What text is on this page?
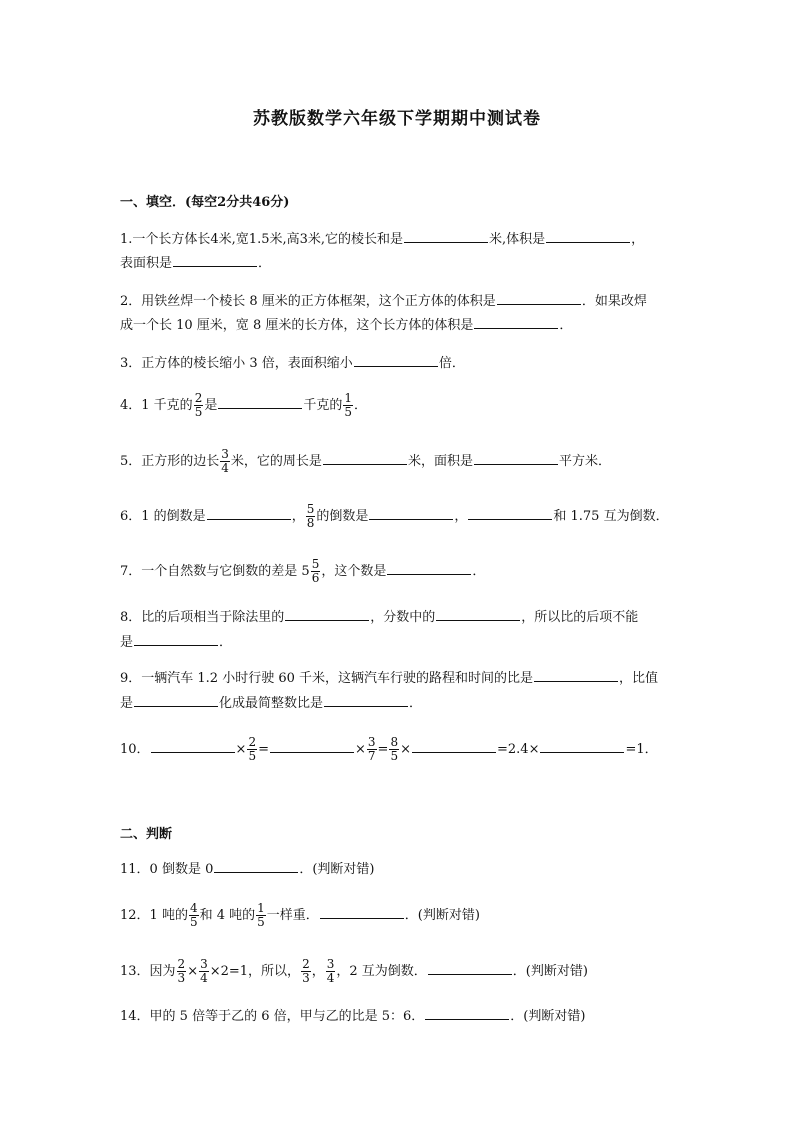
苏教版数学六年级下学期期中测试卷
一、填空．(每空2分共46分)
1.一个长方体长4米,宽1.5米,高3米,它的棱长和是	米,体积是	，
表面积是	．
2．用铁丝焊一个棱长 8 厘米的正方体框架，这个正方体的体积是	．如果改焊
成一个长 10 厘米，宽 8 厘米的长方体，这个长方体的体积是	．
3．正方体的棱长缩小 3 倍，表面积缩小	倍．
4．1 千克的 $\frac{2}{5}$ 是	千克的 $\frac{1}{5}$ ．
5．正方形的边长 $\frac{3}{4}$ 米，它的周长是	米，面积是	平方米．
6．1 的倒数是	， $\frac{5}{8}$ 的倒数是	，	和 1.75 互为倒数．
7．一个自然数与它倒数的差是 $5 \frac{5}{6}$ ，这个数是	．
8．比的后项相当于除法里的	，分数中的	，所以比的后项不能
是	．
9．一辆汽车 1.2 小时行驶 60 千米，这辆汽车行驶的路程和时间的比是	，比值
是	化成最简整数比是	．
10．	× $\frac{2}{5}$ =	× $\frac{3}{7} = \frac{8}{5}$ ×	=2.4×	=1．
二、判断
11．0 倒数是 0	．(判断对错)
12．1 吨的 $\frac{4}{5}$ 和 4 吨的 $\frac{1}{5}$ 一样重．	．(判断对错)
13．因为 $\frac{2}{3} \times \frac{3}{4} \times 2=1$，所以， $\frac{2}{3}$ ， $\frac{3}{4}$ ，2 互为倒数．	．(判断对错)
14．甲的 5 倍等于乙的 6 倍，甲与乙的比是 5：6．	．(判断对错)
